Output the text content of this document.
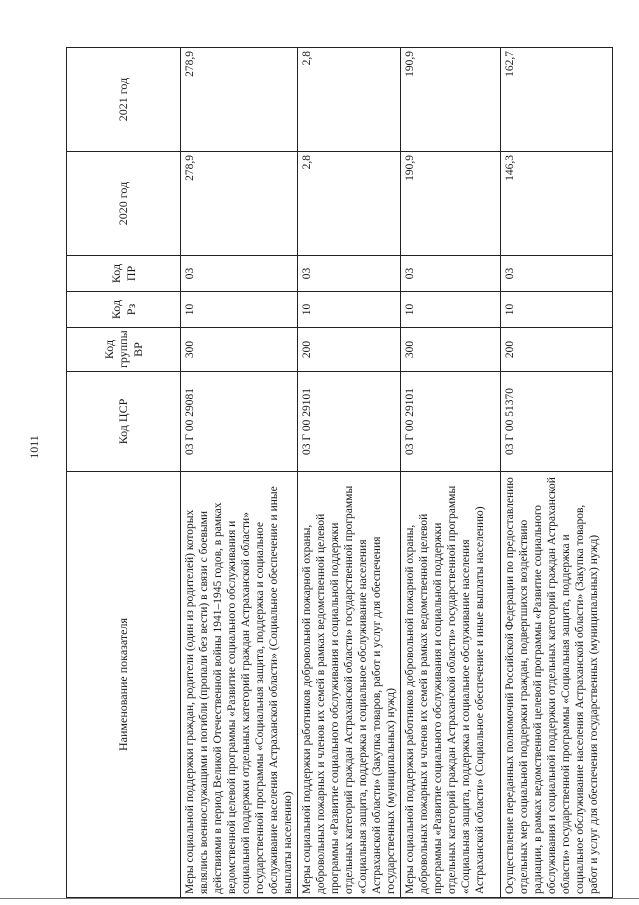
1011
Наименование показателя	Код ЦСР	Код группы ВР	Код Рз	Код ПР	2020 год	2021 год
Меры социальной поддержки граждан, родители (один из родителей) которых являлись военнослужащими и погибли (пропали без вести) в связи с боевыми действиями в период Великой Отечественной войны 1941–1945 годов, в рамках ведомственной целевой программы «Развитие социального обслуживания и социальной поддержки отдельных категорий граждан Астраханской области» государственной программы «Социальная защита, поддержка и социальное обслуживание населения Астраханской области» (Социальное обеспечение и иные выплаты населению)	03 Г 00 29081	300	10	03	278,9	278,9
Меры социальной поддержки работников добровольной пожарной охраны, добровольных пожарных и членов их семей в рамках ведомственной целевой программы «Развитие социального обслуживания и социальной поддержки отдельных категорий граждан Астраханской области» государственной программы «Социальная защита, поддержка и социальное обслуживание населения Астраханской области» (Закупка товаров, работ и услуг для обеспечения государственных (муниципальных) нужд)	03 Г 00 29101	200	10	03	2,8	2,8
Меры социальной поддержки работников добровольной пожарной охраны, добровольных пожарных и членов их семей в рамках ведомственной целевой программы «Развитие социального обслуживания и социальной поддержки отдельных категорий граждан Астраханской области» государственной программы «Социальная защита, поддержка и социальное обслуживание населения Астраханской области» (Социальное обеспечение и иные выплаты населению)	03 Г 00 29101	300	10	03	190,9	190,9
Осуществление переданных полномочий Российской Федерации по предоставлению отдельных мер социальной поддержки граждан, подвергшихся воздействию радиации, в рамках ведомственной целевой программы «Развитие социального обслуживания и социальной поддержки отдельных категорий граждан Астраханской области» государственной программы «Социальная защита, поддержка и социальное обслуживание населения Астраханской области» (Закупка товаров, работ и услуг для обеспечения государственных (муниципальных) нужд)	03 Г 00 51370	200	10	03	146,3	162,7
